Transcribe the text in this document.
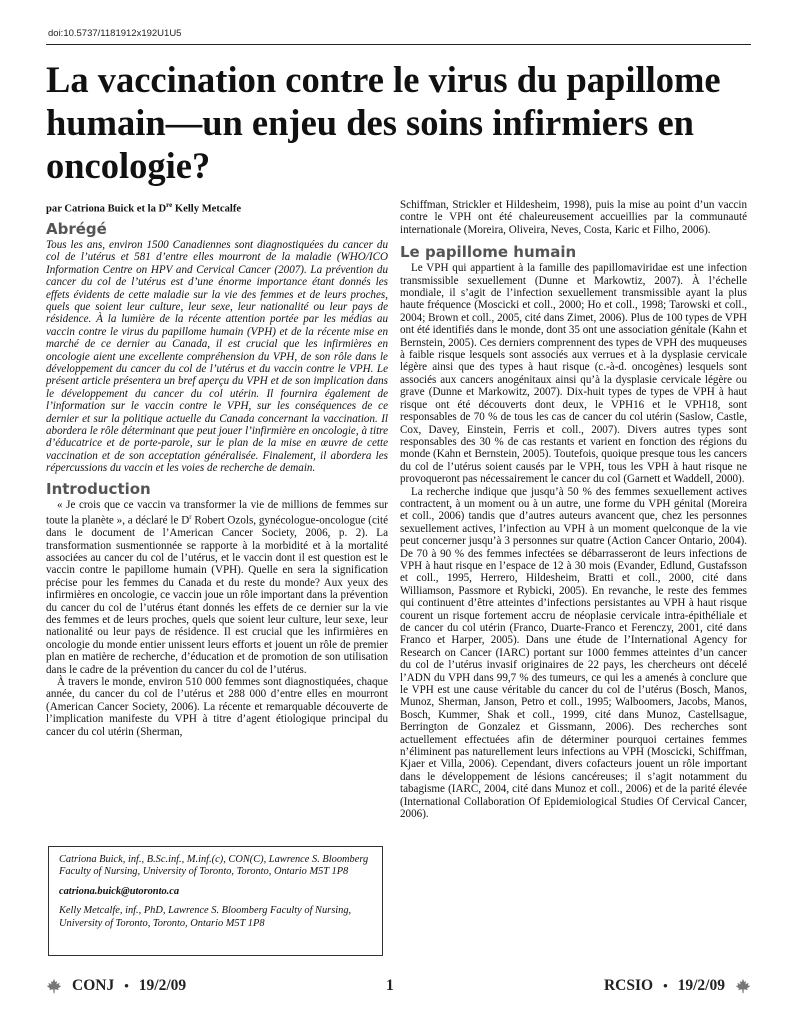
doi:10.5737/1181912x192U1U5
La vaccination contre le virus du papillome humain—un enjeu des soins infirmiers en oncologie?

par Catriona Buick et la Dre Kelly Metcalfe

Abrégé

Tous les ans, environ 1500 Canadiennes sont diagnostiquées du cancer du col de l’utérus et 581 d’entre elles mourront de la maladie (WHO/ICO Information Centre on HPV and Cervical Cancer (2007). La prévention du cancer du col de l’utérus est d’une énorme importance étant donnés les effets évidents de cette maladie sur la vie des femmes et de leurs proches, quels que soient leur culture, leur sexe, leur nationalité ou leur pays de résidence. À la lumière de la récente attention portée par les médias au vaccin contre le virus du papillome humain (VPH) et de la récente mise en marché de ce dernier au Canada, il est crucial que les infirmières en oncologie aient une excellente compréhension du VPH, de son rôle dans le développement du cancer du col de l’utérus et du vaccin contre le VPH. Le présent article présentera un bref aperçu du VPH et de son implication dans le développement du cancer du col utérin. Il fournira également de l’information sur le vaccin contre le VPH, sur les conséquences de ce dernier et sur la politique actuelle du Canada concernant la vaccination. Il abordera le rôle déterminant que peut jouer l’infirmière en oncologie, à titre d’éducatrice et de porte-parole, sur le plan de la mise en œuvre de cette vaccination et de son acceptation généralisée. Finalement, il abordera les répercussions du vaccin et les voies de recherche de demain.

Introduction

« Je crois que ce vaccin va transformer la vie de millions de femmes sur toute la planète », a déclaré le $D^r$ Robert Ozols, gynécologue-oncologue (cité dans le document de l’American Cancer Society, 2006, p. 2). La transformation susmentionnée se rapporte à la morbidité et à la mortalité associées au cancer du col de l’utérus, et le vaccin dont il est question est le vaccin contre le papillome humain (VPH). Quelle en sera la signification précise pour les femmes du Canada et du reste du monde? Aux yeux des infirmières en oncologie, ce vaccin joue un rôle important dans la prévention du cancer du col de l’utérus étant donnés les effets de ce dernier sur la vie des femmes et de leurs proches, quels que soient leur culture, leur sexe, leur nationalité ou leur pays de résidence. Il est crucial que les infirmières en oncologie du monde entier unissent leurs efforts et jouent un rôle de premier plan en matière de recherche, d’éducation et de promotion de son utilisation dans le cadre de la prévention du cancer du col de l’utérus.

À travers le monde, environ 510 000 femmes sont diagnostiquées, chaque année, du cancer du col de l’utérus et 288 000 d’entre elles en mourront (American Cancer Society, 2006). La récente et remarquable découverte de l’implication manifeste du VPH à titre d’agent étiologique principal du cancer du col utérin (Sherman,

Schiffman, Strickler et Hildesheim, 1998), puis la mise au point d’un vaccin contre le VPH ont été chaleureusement accueillies par la communauté internationale (Moreira, Oliveira, Neves, Costa, Karic et Filho, 2006).

Le papillome humain

Le VPH qui appartient à la famille des papillomaviridae est une infection transmissible sexuellement (Dunne et Markowtiz, 2007). À l’échelle mondiale, il s’agit de l’infection sexuellement transmissible ayant la plus haute fréquence (Moscicki et coll., 2000; Ho et coll., 1998; Tarowski et coll., 2004; Brown et coll., 2005, cité dans Zimet, 2006). Plus de 100 types de VPH ont été identifiés dans le monde, dont 35 ont une association génitale (Kahn et Bernstein, 2005). Ces derniers comprennent des types de VPH des muqueuses à faible risque lesquels sont associés aux verrues et à la dysplasie cervicale légère ainsi que des types à haut risque (c.-à-d. oncogènes) lesquels sont associés aux cancers anogénitaux ainsi qu’à la dysplasie cervicale légère ou grave (Dunne et Markowitz, 2007). Dix-huit types de types de VPH à haut risque ont été découverts dont deux, le VPH16 et le VPH18, sont responsables de 70 % de tous les cas de cancer du col utérin (Saslow, Castle, Cox, Davey, Einstein, Ferris et coll., 2007). Divers autres types sont responsables des 30 % de cas restants et varient en fonction des régions du monde (Kahn et Bernstein, 2005). Toutefois, quoique presque tous les cancers du col de l’utérus soient causés par le VPH, tous les VPH à haut risque ne provoqueront pas nécessairement le cancer du col (Garnett et Waddell, 2000).

La recherche indique que jusqu’à 50 % des femmes sexuellement actives contractent, à un moment ou à un autre, une forme du VPH génital (Moreira et coll., 2006) tandis que d’autres auteurs avancent que, chez les personnes sexuellement actives, l’infection au VPH à un moment quelconque de la vie peut concerner jusqu’à 3 personnes sur quatre (Action Cancer Ontario, 2004). De 70 à 90 % des femmes infectées se débarrasseront de leurs infections de VPH à haut risque en l’espace de 12 à 30 mois (Evander, Edlund, Gustafsson et coll., 1995, Herrero, Hildesheim, Bratti et coll., 2000, cité dans Williamson, Passmore et Rybicki, 2005). En revanche, le reste des femmes qui continuent d’être atteintes d’infections persistantes au VPH à haut risque courent un risque fortement accru de néoplasie cervicale intra-épithéliale et de cancer du col utérin (Franco, Duarte-Franco et Ferenczy, 2001, cité dans Franco et Harper, 2005). Dans une étude de l’International Agency for Research on Cancer (IARC) portant sur 1000 femmes atteintes d’un cancer du col de l’utérus invasif originaires de 22 pays, les chercheurs ont décelé l’ADN du VPH dans 99,7 % des tumeurs, ce qui les a amenés à conclure que le VPH est une cause véritable du cancer du col de l’utérus (Bosch, Manos, Munoz, Sherman, Janson, Petro et coll., 1995; Walboomers, Jacobs, Manos, Bosch, Kummer, Shak et coll., 1999, cité dans Munoz, Castellsague, Berrington de Gonzalez et Gissmann, 2006). Des recherches sont actuellement effectuées afin de déterminer pourquoi certaines femmes n’éliminent pas naturellement leurs infections au VPH (Moscicki, Schiffman, Kjaer et Villa, 2006). Cependant, divers cofacteurs jouent un rôle important dans le développement de lésions cancéreuses; il s’agit notamment du tabagisme (IARC, 2004, cité dans Munoz et coll., 2006) et de la parité élevée (International Collaboration Of Epidemiological Studies Of Cervical Cancer, 2006).

Catriona Buick, inf., B.Sc.inf., M.inf.(c), CON(C), Lawrence S. Bloomberg Faculty of Nursing, University of Toronto, Toronto, Ontario M5T 1P8

catriona.buick@utoronto.ca

Kelly Metcalfe, inf., PhD, Lawrence S. Bloomberg Faculty of Nursing, University of Toronto, Toronto, Ontario M5T 1P8

CONJ • 19/2/09	1	RCSIO • 19/2/09
